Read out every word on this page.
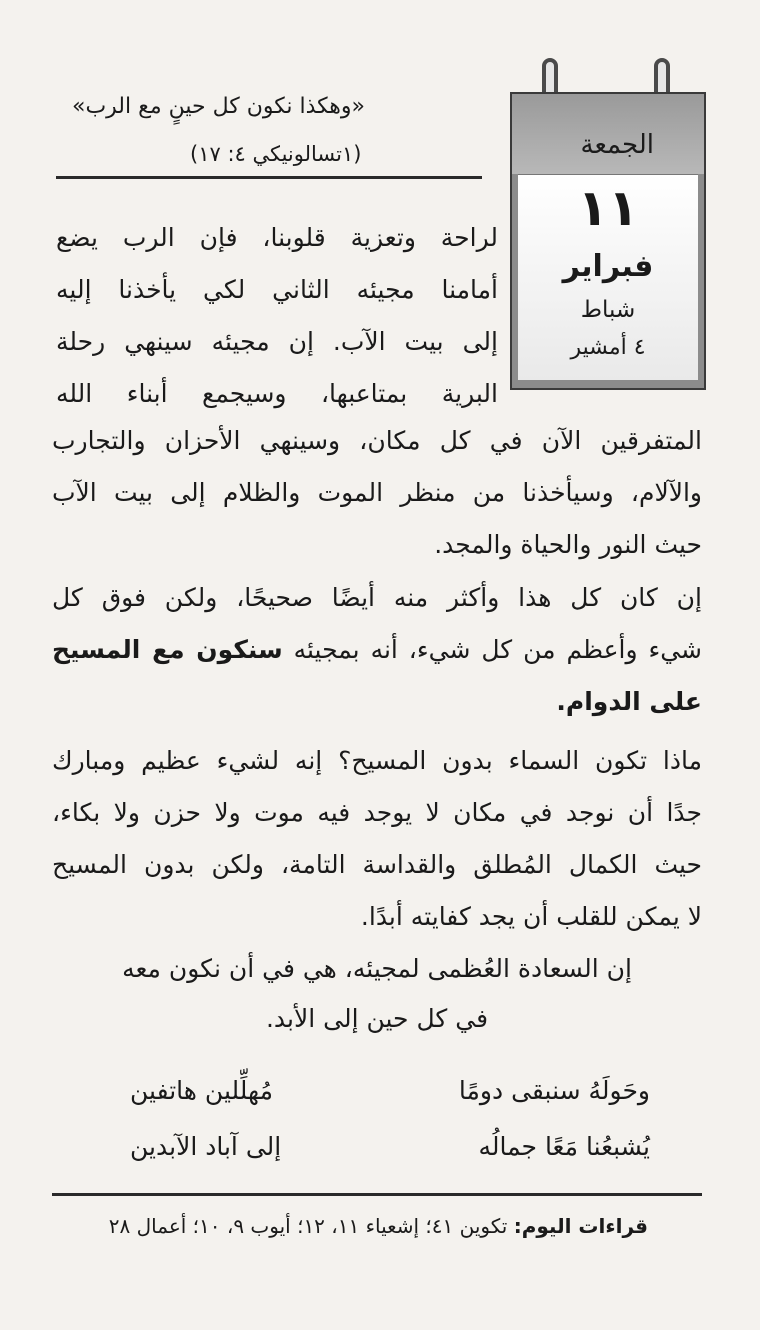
الجمعة
١١
فبراير
شباط
٤ أمشير
«وهكذا نكون كل حينٍ مع الرب»
(١تسالونيكي ٤: ١٧)
لراحة وتعزية قلوبنا، فإن الرب يضع
أمامنا مجيئه الثاني لكي يأخذنا إليه
إلى بيت الآب. إن مجيئه سينهي رحلة
البرية بمتاعبها، وسيجمع أبناء الله
المتفرقين الآن في كل مكان، وسينهي الأحزان والتجارب
والآلام، وسيأخذنا من منظر الموت والظلام إلى بيت الآب
حيث النور والحياة والمجد.
إن كان كل هذا وأكثر منه أيضًا صحيحًا، ولكن فوق كل
شيء وأعظم من كل شيء، أنه بمجيئه سنكون مع المسيح
على الدوام.
ماذا تكون السماء بدون المسيح؟ إنه لشيء عظيم ومبارك
جدًا أن نوجد في مكان لا يوجد فيه موت ولا حزن ولا بكاء،
حيث الكمال المُطلق والقداسة التامة، ولكن بدون المسيح
لا يمكن للقلب أن يجد كفايته أبدًا.
إن السعادة العُظمى لمجيئه، هي في أن نكون معه
في كل حين إلى الأبد.
وحَولَهُ سنبقى دومًا
مُهلِّلين هاتفين
يُشبعُنا مَعًا جمالُه
إلى آباد الآبدين
قراءات اليوم: تكوين ٤١؛ إشعياء ١١، ١٢؛ أيوب ٩، ١٠؛ أعمال ٢٨
